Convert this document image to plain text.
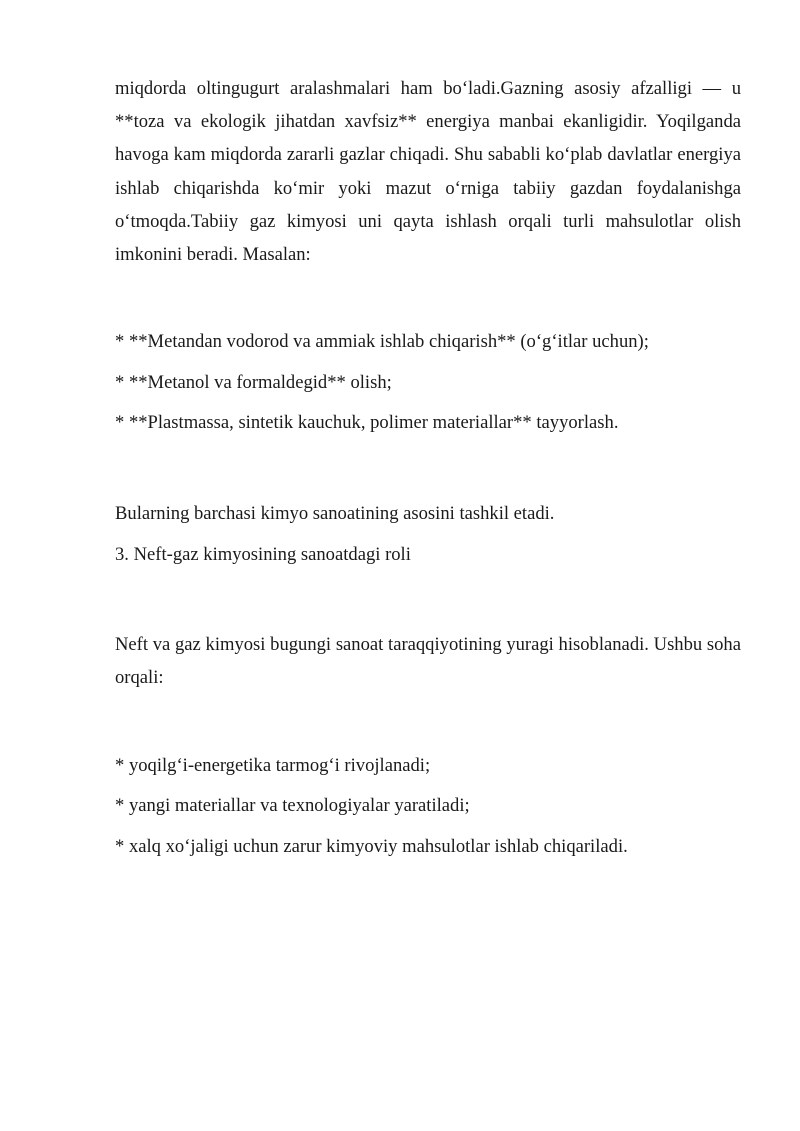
miqdorda oltingugurt aralashmalari ham bo‘ladi.Gazning asosiy afzalligi — u **toza va ekologik jihatdan xavfsiz** energiya manbai ekanligidir. Yoqilganda havoga kam miqdorda zararli gazlar chiqadi. Shu sababli ko‘plab davlatlar energiya ishlab chiqarishda ko‘mir yoki mazut o‘rniga tabiiy gazdan foydalanishga o‘tmoqda.Tabiiy gaz kimyosi uni qayta ishlash orqali turli mahsulotlar olish imkonini beradi. Masalan:

* **Metandan vodorod va ammiak ishlab chiqarish** (o‘g‘itlar uchun);

* **Metanol va formaldegid** olish;

* **Plastmassa, sintetik kauchuk, polimer materiallar** tayyorlash.

Bularning barchasi kimyo sanoatining asosini tashkil etadi.

3. Neft-gaz kimyosining sanoatdagi roli

Neft va gaz kimyosi bugungi sanoat taraqqiyotining yuragi hisoblanadi. Ushbu soha orqali:

* yoqilg‘i-energetika tarmog‘i rivojlanadi;

* yangi materiallar va texnologiyalar yaratiladi;

* xalq xo‘jaligi uchun zarur kimyoviy mahsulotlar ishlab chiqariladi.
